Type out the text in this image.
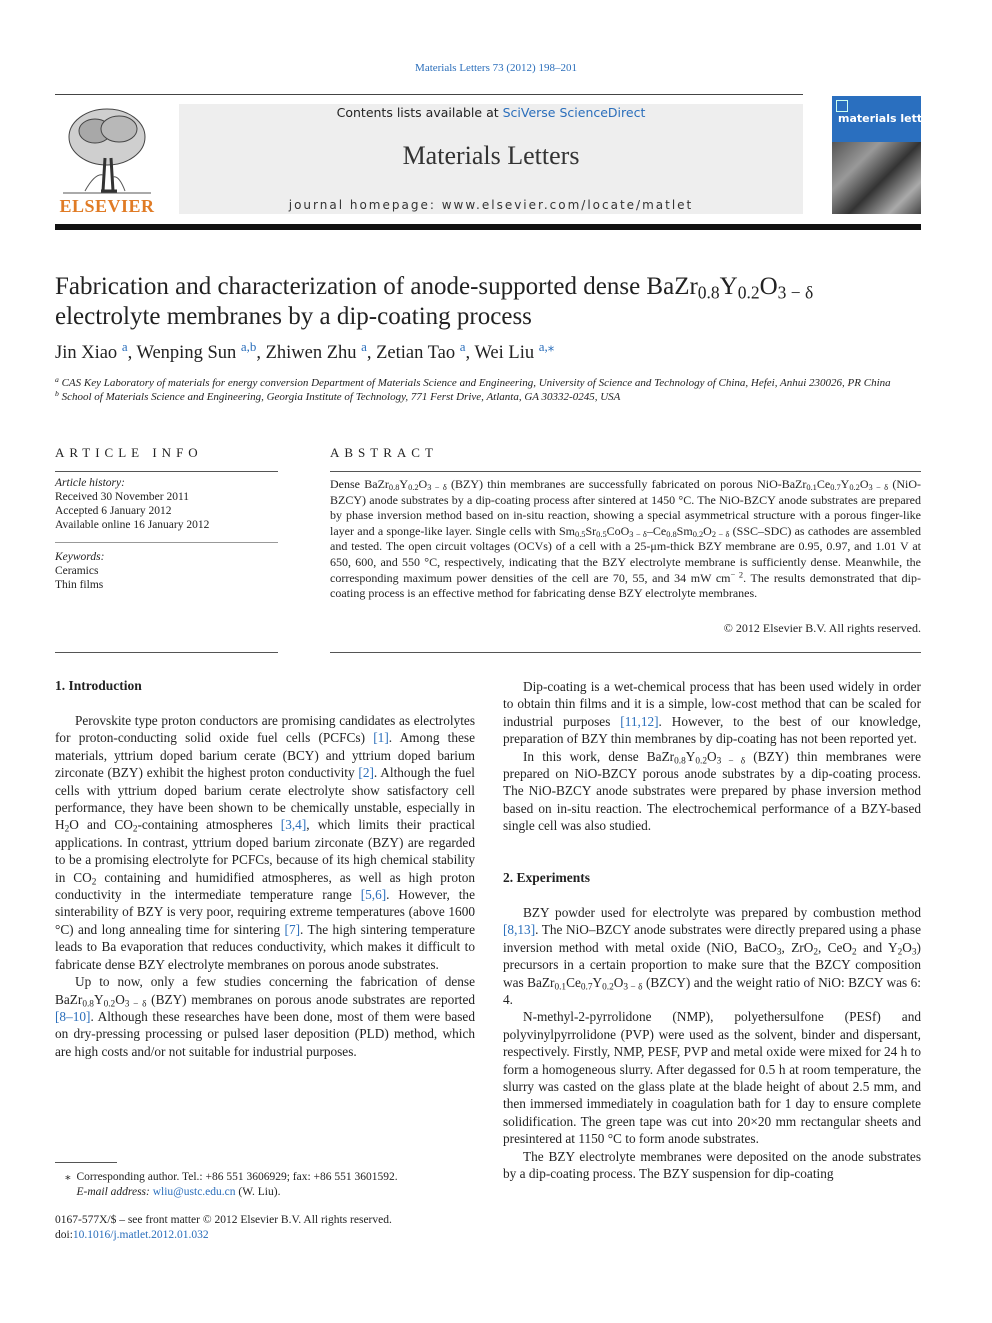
Materials Letters 73 (2012) 198–201
ELSEVIER
Contents lists available at SciVerse ScienceDirect
Materials Letters
journal homepage: www.elsevier.com/locate/matlet
materials letters
Fabrication and characterization of anode-supported dense $BaZr_{0.8}Y_{0.2}O_{3 - \delta}$
electrolyte membranes by a dip-coating process
Jin Xiao $^a$, Wenping Sun $^{a,b}$, Zhiwen Zhu $^a$, Zetian Tao $^a$, Wei Liu $^{a,⁎}$
$^a$ CAS Key Laboratory of materials for energy conversion Department of Materials Science and Engineering, University of Science and Technology of China, Hefei, Anhui 230026, PR China
$^b$ School of Materials Science and Engineering, Georgia Institute of Technology, 771 Ferst Drive, Atlanta, GA 30332-0245, USA
ARTICLE INFO
Article history:
Received 30 November 2011
Accepted 6 January 2012
Available online 16 January 2012
Keywords:
Ceramics
Thin films
ABSTRACT
Dense $BaZr_{0.8}Y_{0.2}O_{3 - \delta}$ (BZY) thin membranes are successfully fabricated on porous NiO-$BaZr_{0.1}Ce_{0.7}Y_{0.2}O_{3 - \delta}$ (NiO-BZCY) anode substrates by a dip-coating process after sintered at 1450 °C. The NiO-BZCY anode substrates are prepared by phase inversion method based on in-situ reaction, showing a special asymmetrical structure with a porous finger-like layer and a sponge-like layer. Single cells with $Sm_{0.5}Sr_{0.5}CoO_{3 - \delta}-Ce_{0.8}Sm_{0.2}O_{2 - \delta}$ (SSC–SDC) as cathodes are assembled and tested. The open circuit voltages (OCVs) of a cell with a 25-μm-thick BZY membrane are 0.95, 0.97, and 1.01 V at 650, 600, and 550 °C, respectively, indicating that the BZY electrolyte membrane is sufficiently dense. Meanwhile, the corresponding maximum power densities of the cell are 70, 55, and 34 mW $cm^{- 2}$. The results demonstrated that dip-coating process is an effective method for fabricating dense BZY electrolyte membranes.
© 2012 Elsevier B.V. All rights reserved.
1. Introduction

Perovskite type proton conductors are promising candidates as electrolytes for proton-conducting solid oxide fuel cells (PCFCs) [1]. Among these materials, yttrium doped barium cerate (BCY) and yttrium doped barium zirconate (BZY) exhibit the highest proton conductivity [2]. Although the fuel cells with yttrium doped barium cerate electrolyte show satisfactory cell performance, they have been shown to be chemically unstable, especially in $H_2O$ and $CO_2$-containing atmospheres [3,4], which limits their practical applications. In contrast, yttrium doped barium zirconate (BZY) are regarded to be a promising electrolyte for PCFCs, because of its high chemical stability in $CO_2$ containing and humidified atmospheres, as well as high proton conductivity in the intermediate temperature range [5,6]. However, the sinterability of BZY is very poor, requiring extreme temperatures (above 1600 °C) and long annealing time for sintering [7]. The high sintering temperature leads to Ba evaporation that reduces conductivity, which makes it difficult to fabricate dense BZY electrolyte membranes on porous anode substrates.

Up to now, only a few studies concerning the fabrication of dense $BaZr_{0.8}Y_{0.2}O_{3 - \delta}$ (BZY) membranes on porous anode substrates are reported [8–10]. Although these researches have been done, most of them were based on dry-pressing processing or pulsed laser deposition (PLD) method, which are high costs and/or not suitable for industrial purposes.

⁎ Corresponding author. Tel.: +86 551 3606929; fax: +86 551 3601592.
E-mail address: wliu@ustc.edu.cn (W. Liu).
0167-577X/$ – see front matter © 2012 Elsevier B.V. All rights reserved.
doi:10.1016/j.matlet.2012.01.032

Dip-coating is a wet-chemical process that has been used widely in order to obtain thin films and it is a simple, low-cost method that can be scaled for industrial purposes [11,12]. However, to the best of our knowledge, preparation of BZY thin membranes by dip-coating has not been reported yet.

In this work, dense $BaZr_{0.8}Y_{0.2}O_{3 - \delta}$ (BZY) thin membranes were prepared on NiO-BZCY porous anode substrates by a dip-coating process. The NiO-BZCY anode substrates were prepared by phase inversion method based on in-situ reaction. The electrochemical performance of a BZY-based single cell was also studied.

2. Experiments

BZY powder used for electrolyte was prepared by combustion method [8,13]. The NiO–BZCY anode substrates were directly prepared using a phase inversion method with metal oxide (NiO, BaCO$_3$, ZrO$_2$, CeO$_2$ and $Y_2O_3$) precursors in a certain proportion to make sure that the BZCY composition was $BaZr_{0.1}Ce_{0.7}Y_{0.2}O_{3 - \delta}$ (BZCY) and the weight ratio of NiO: BZCY was 6: 4.

N-methyl-2-pyrrolidone (NMP), polyethersulfone (PESf) and polyvinylpyrrolidone (PVP) were used as the solvent, binder and dispersant, respectively. Firstly, NMP, PESF, PVP and metal oxide were mixed for 24 h to form a homogeneous slurry. After degassed for 0.5 h at room temperature, the slurry was casted on the glass plate at the blade height of about 2.5 mm, and then immersed immediately in coagulation bath for 1 day to ensure complete solidification. The green tape was cut into 20×20 mm rectangular sheets and presintered at 1150 °C to form anode substrates.

The BZY electrolyte membranes were deposited on the anode substrates by a dip-coating process. The BZY suspension for dip-coating
